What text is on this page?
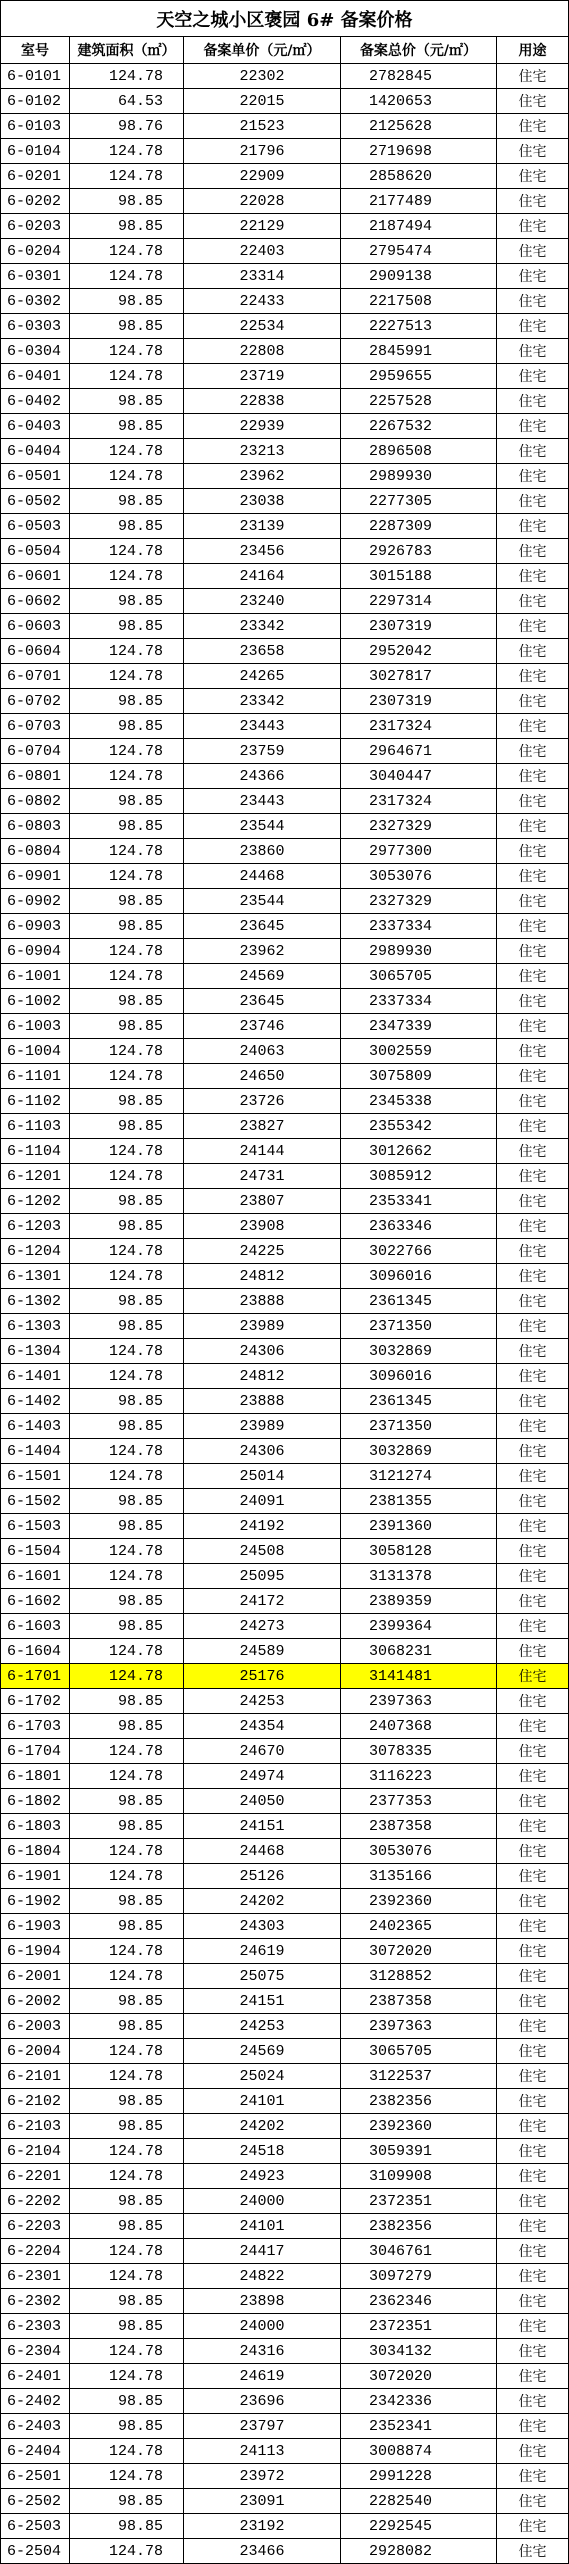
天空之城小区褒园 6# 备案价格
室号	建筑面积（㎡）	备案单价（元/㎡）	备案总价（元/㎡）	用途
6-0101	124.78	22302	2782845	住宅
6-0102	64.53	22015	1420653	住宅
6-0103	98.76	21523	2125628	住宅
6-0104	124.78	21796	2719698	住宅
6-0201	124.78	22909	2858620	住宅
6-0202	98.85	22028	2177489	住宅
6-0203	98.85	22129	2187494	住宅
6-0204	124.78	22403	2795474	住宅
6-0301	124.78	23314	2909138	住宅
6-0302	98.85	22433	2217508	住宅
6-0303	98.85	22534	2227513	住宅
6-0304	124.78	22808	2845991	住宅
6-0401	124.78	23719	2959655	住宅
6-0402	98.85	22838	2257528	住宅
6-0403	98.85	22939	2267532	住宅
6-0404	124.78	23213	2896508	住宅
6-0501	124.78	23962	2989930	住宅
6-0502	98.85	23038	2277305	住宅
6-0503	98.85	23139	2287309	住宅
6-0504	124.78	23456	2926783	住宅
6-0601	124.78	24164	3015188	住宅
6-0602	98.85	23240	2297314	住宅
6-0603	98.85	23342	2307319	住宅
6-0604	124.78	23658	2952042	住宅
6-0701	124.78	24265	3027817	住宅
6-0702	98.85	23342	2307319	住宅
6-0703	98.85	23443	2317324	住宅
6-0704	124.78	23759	2964671	住宅
6-0801	124.78	24366	3040447	住宅
6-0802	98.85	23443	2317324	住宅
6-0803	98.85	23544	2327329	住宅
6-0804	124.78	23860	2977300	住宅
6-0901	124.78	24468	3053076	住宅
6-0902	98.85	23544	2327329	住宅
6-0903	98.85	23645	2337334	住宅
6-0904	124.78	23962	2989930	住宅
6-1001	124.78	24569	3065705	住宅
6-1002	98.85	23645	2337334	住宅
6-1003	98.85	23746	2347339	住宅
6-1004	124.78	24063	3002559	住宅
6-1101	124.78	24650	3075809	住宅
6-1102	98.85	23726	2345338	住宅
6-1103	98.85	23827	2355342	住宅
6-1104	124.78	24144	3012662	住宅
6-1201	124.78	24731	3085912	住宅
6-1202	98.85	23807	2353341	住宅
6-1203	98.85	23908	2363346	住宅
6-1204	124.78	24225	3022766	住宅
6-1301	124.78	24812	3096016	住宅
6-1302	98.85	23888	2361345	住宅
6-1303	98.85	23989	2371350	住宅
6-1304	124.78	24306	3032869	住宅
6-1401	124.78	24812	3096016	住宅
6-1402	98.85	23888	2361345	住宅
6-1403	98.85	23989	2371350	住宅
6-1404	124.78	24306	3032869	住宅
6-1501	124.78	25014	3121274	住宅
6-1502	98.85	24091	2381355	住宅
6-1503	98.85	24192	2391360	住宅
6-1504	124.78	24508	3058128	住宅
6-1601	124.78	25095	3131378	住宅
6-1602	98.85	24172	2389359	住宅
6-1603	98.85	24273	2399364	住宅
6-1604	124.78	24589	3068231	住宅
6-1701	124.78	25176	3141481	住宅
6-1702	98.85	24253	2397363	住宅
6-1703	98.85	24354	2407368	住宅
6-1704	124.78	24670	3078335	住宅
6-1801	124.78	24974	3116223	住宅
6-1802	98.85	24050	2377353	住宅
6-1803	98.85	24151	2387358	住宅
6-1804	124.78	24468	3053076	住宅
6-1901	124.78	25126	3135166	住宅
6-1902	98.85	24202	2392360	住宅
6-1903	98.85	24303	2402365	住宅
6-1904	124.78	24619	3072020	住宅
6-2001	124.78	25075	3128852	住宅
6-2002	98.85	24151	2387358	住宅
6-2003	98.85	24253	2397363	住宅
6-2004	124.78	24569	3065705	住宅
6-2101	124.78	25024	3122537	住宅
6-2102	98.85	24101	2382356	住宅
6-2103	98.85	24202	2392360	住宅
6-2104	124.78	24518	3059391	住宅
6-2201	124.78	24923	3109908	住宅
6-2202	98.85	24000	2372351	住宅
6-2203	98.85	24101	2382356	住宅
6-2204	124.78	24417	3046761	住宅
6-2301	124.78	24822	3097279	住宅
6-2302	98.85	23898	2362346	住宅
6-2303	98.85	24000	2372351	住宅
6-2304	124.78	24316	3034132	住宅
6-2401	124.78	24619	3072020	住宅
6-2402	98.85	23696	2342336	住宅
6-2403	98.85	23797	2352341	住宅
6-2404	124.78	24113	3008874	住宅
6-2501	124.78	23972	2991228	住宅
6-2502	98.85	23091	2282540	住宅
6-2503	98.85	23192	2292545	住宅
6-2504	124.78	23466	2928082	住宅
